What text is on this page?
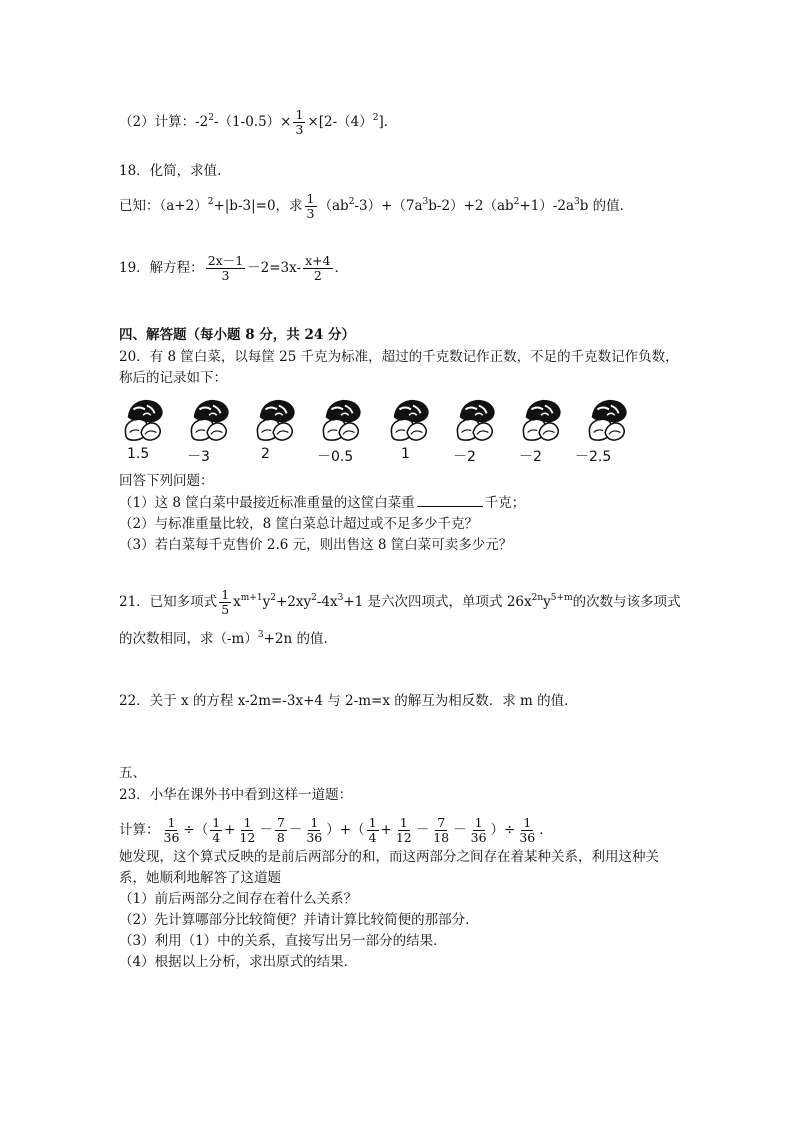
（2）计算：$-2^2-(1-0.5)\times \frac{1}{3} \times[2-(4)^2]$．
18．化简，求值．
已知：$(a+2)^2+|b-3|=0$，求 $\frac{1}{3} (ab^2-3)+(7a^3b-2)+2(ab^2+1)-2a^3b$ 的值．
19．解方程： $\frac{2x-1}{3} -2=3x- \frac{x+4}{2}$ ．
四、解答题（每小题 8 分，共 24 分）
20．有 8 筐白菜，以每筐 25 千克为标准，超过的千克数记作正数，不足的千克数记作负数，
称后的记录如下：
1.5	－3	2	－0.5	1	－2	－2 －2.5
回答下列问题：
（1）这 8 筐白菜中最接近标准重量的这筐白菜重	千克；
（2）与标准重量比较，8 筐白菜总计超过或不足多少千克？
（3）若白菜每千克售价 2.6 元，则出售这 8 筐白菜可卖多少元？
21．已知多项式 $\frac{1}{5} x^{m+1}y^2+2xy^2-4x^3+1$ 是六次四项式，单项式 $26x^{2n}y^{5+m}$的次数与该多项式
的次数相同，求$(-m)^3+2n$ 的值．
22．关于 x 的方程 x-2m=-3x+4 与 2-m=x 的解互为相反数．求 m 的值．
五、
23．小华在课外书中看到这样一道题：
计算： $\frac{1}{36}$ ÷（ $\frac{1}{4} + \frac{1}{12} - \frac{7}{8} - \frac{1}{36}$ ）+（ $\frac{1}{4} + \frac{1}{12} - \frac{7}{18} - \frac{1}{36}$ ）÷ $\frac{1}{36}$ ．
她发现，这个算式反映的是前后两部分的和，而这两部分之间存在着某种关系，利用这种关
系，她顺利地解答了这道题
（1）前后两部分之间存在着什么关系？
（2）先计算哪部分比较简便？并请计算比较简便的那部分．
（3）利用（1）中的关系，直接写出另一部分的结果．
（4）根据以上分析，求出原式的结果．
